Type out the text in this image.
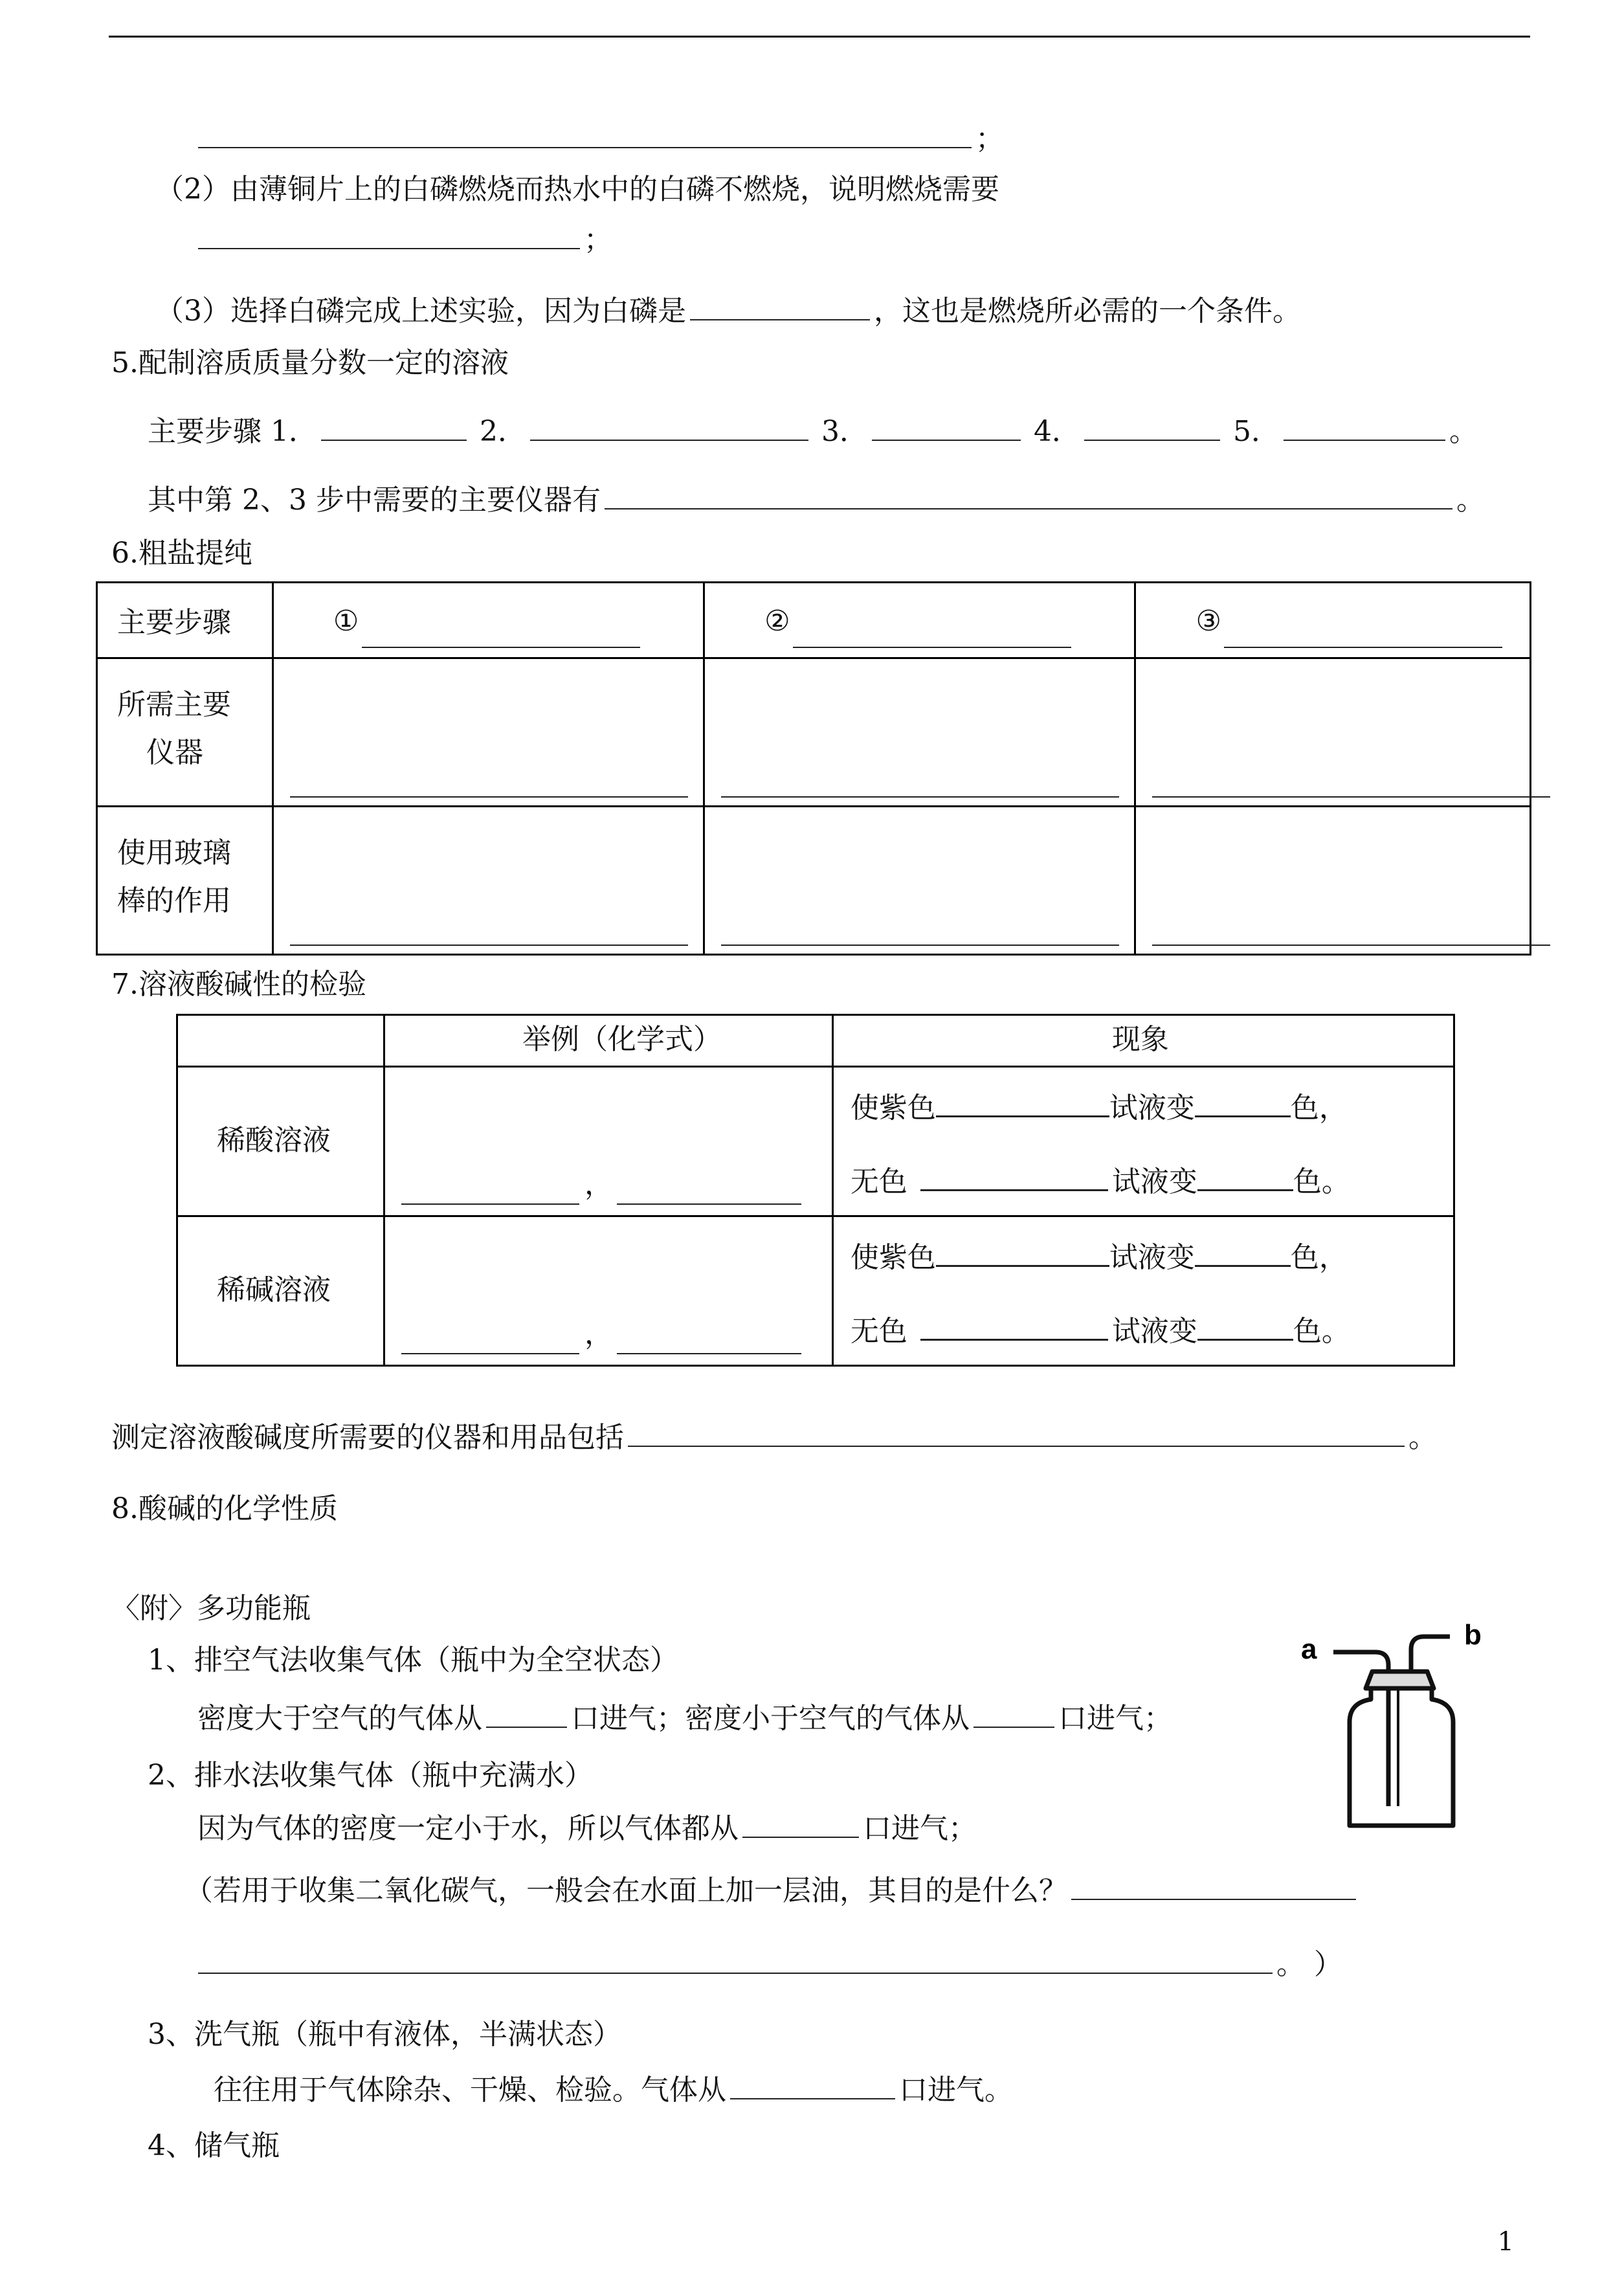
；
（2）由薄铜片上的白磷燃烧而热水中的白磷不燃烧，说明燃烧需要
；
（3）选择白磷完成上述实验，因为白磷是	，这也是燃烧所必需的一个条件。
5.配制溶质质量分数一定的溶液
主要步骤 1．	2．	3．	4．	5．	。
其中第 2、3 步中需要的主要仪器有	。
6.粗盐提纯
主要步骤	①	②	③

所需主要
仪器			

使用玻璃
棒的作用			

7.溶液酸碱性的检验

	举例（化学式）	现象

稀酸溶液	，	使紫色 试液变 色，
无色 试液变 色。

稀碱溶液	，	使紫色 试液变 色，
无色 试液变 色。
测定溶液酸碱度所需要的仪器和用品包括	。
8.酸碱的化学性质
〈附〉多功能瓶
1、排空气法收集气体（瓶中为全空状态）
密度大于空气的气体从	口进气；密度小于空气的气体从	口进气；
2、排水法收集气体（瓶中充满水）
因为气体的密度一定小于水，所以气体都从	口进气；
（若用于收集二氧化碳气，一般会在水面上加一层油，其目的是什么？
。 ）
3、洗气瓶（瓶中有液体，半满状态）
往往用于气体除杂、干燥、检验。气体从	口进气。
4、储气瓶
a	b
1
